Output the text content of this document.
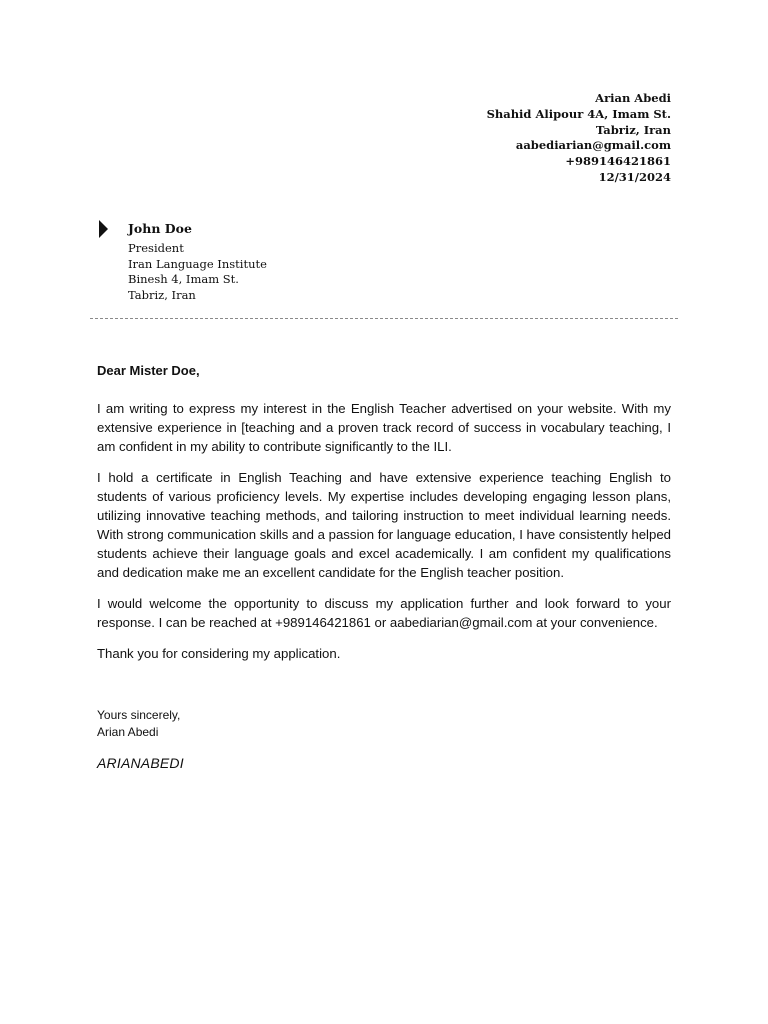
Arian Abedi
Shahid Alipour 4A, Imam St.
Tabriz, Iran
aabediarian@gmail.com
+989146421861
12/31/2024
John Doe
President
Iran Language Institute
Binesh 4, Imam St.
Tabriz, Iran
Dear Mister Doe,

I am writing to express my interest in the English Teacher advertised on your website. With my extensive experience in [teaching and a proven track record of success in vocabulary teaching, I am confident in my ability to contribute significantly to the ILI.

I hold a certificate in English Teaching and have extensive experience teaching English to students of various proficiency levels. My expertise includes developing engaging lesson plans, utilizing innovative teaching methods, and tailoring instruction to meet individual learning needs. With strong communication skills and a passion for language education, I have consistently helped students achieve their language goals and excel academically. I am confident my qualifications and dedication make me an excellent candidate for the English teacher position.

I would welcome the opportunity to discuss my application further and look forward to your response. I can be reached at +989146421861 or aabediarian@gmail.com at your convenience.

Thank you for considering my application.

Yours sincerely,
Arian Abedi
ARIANABEDI
